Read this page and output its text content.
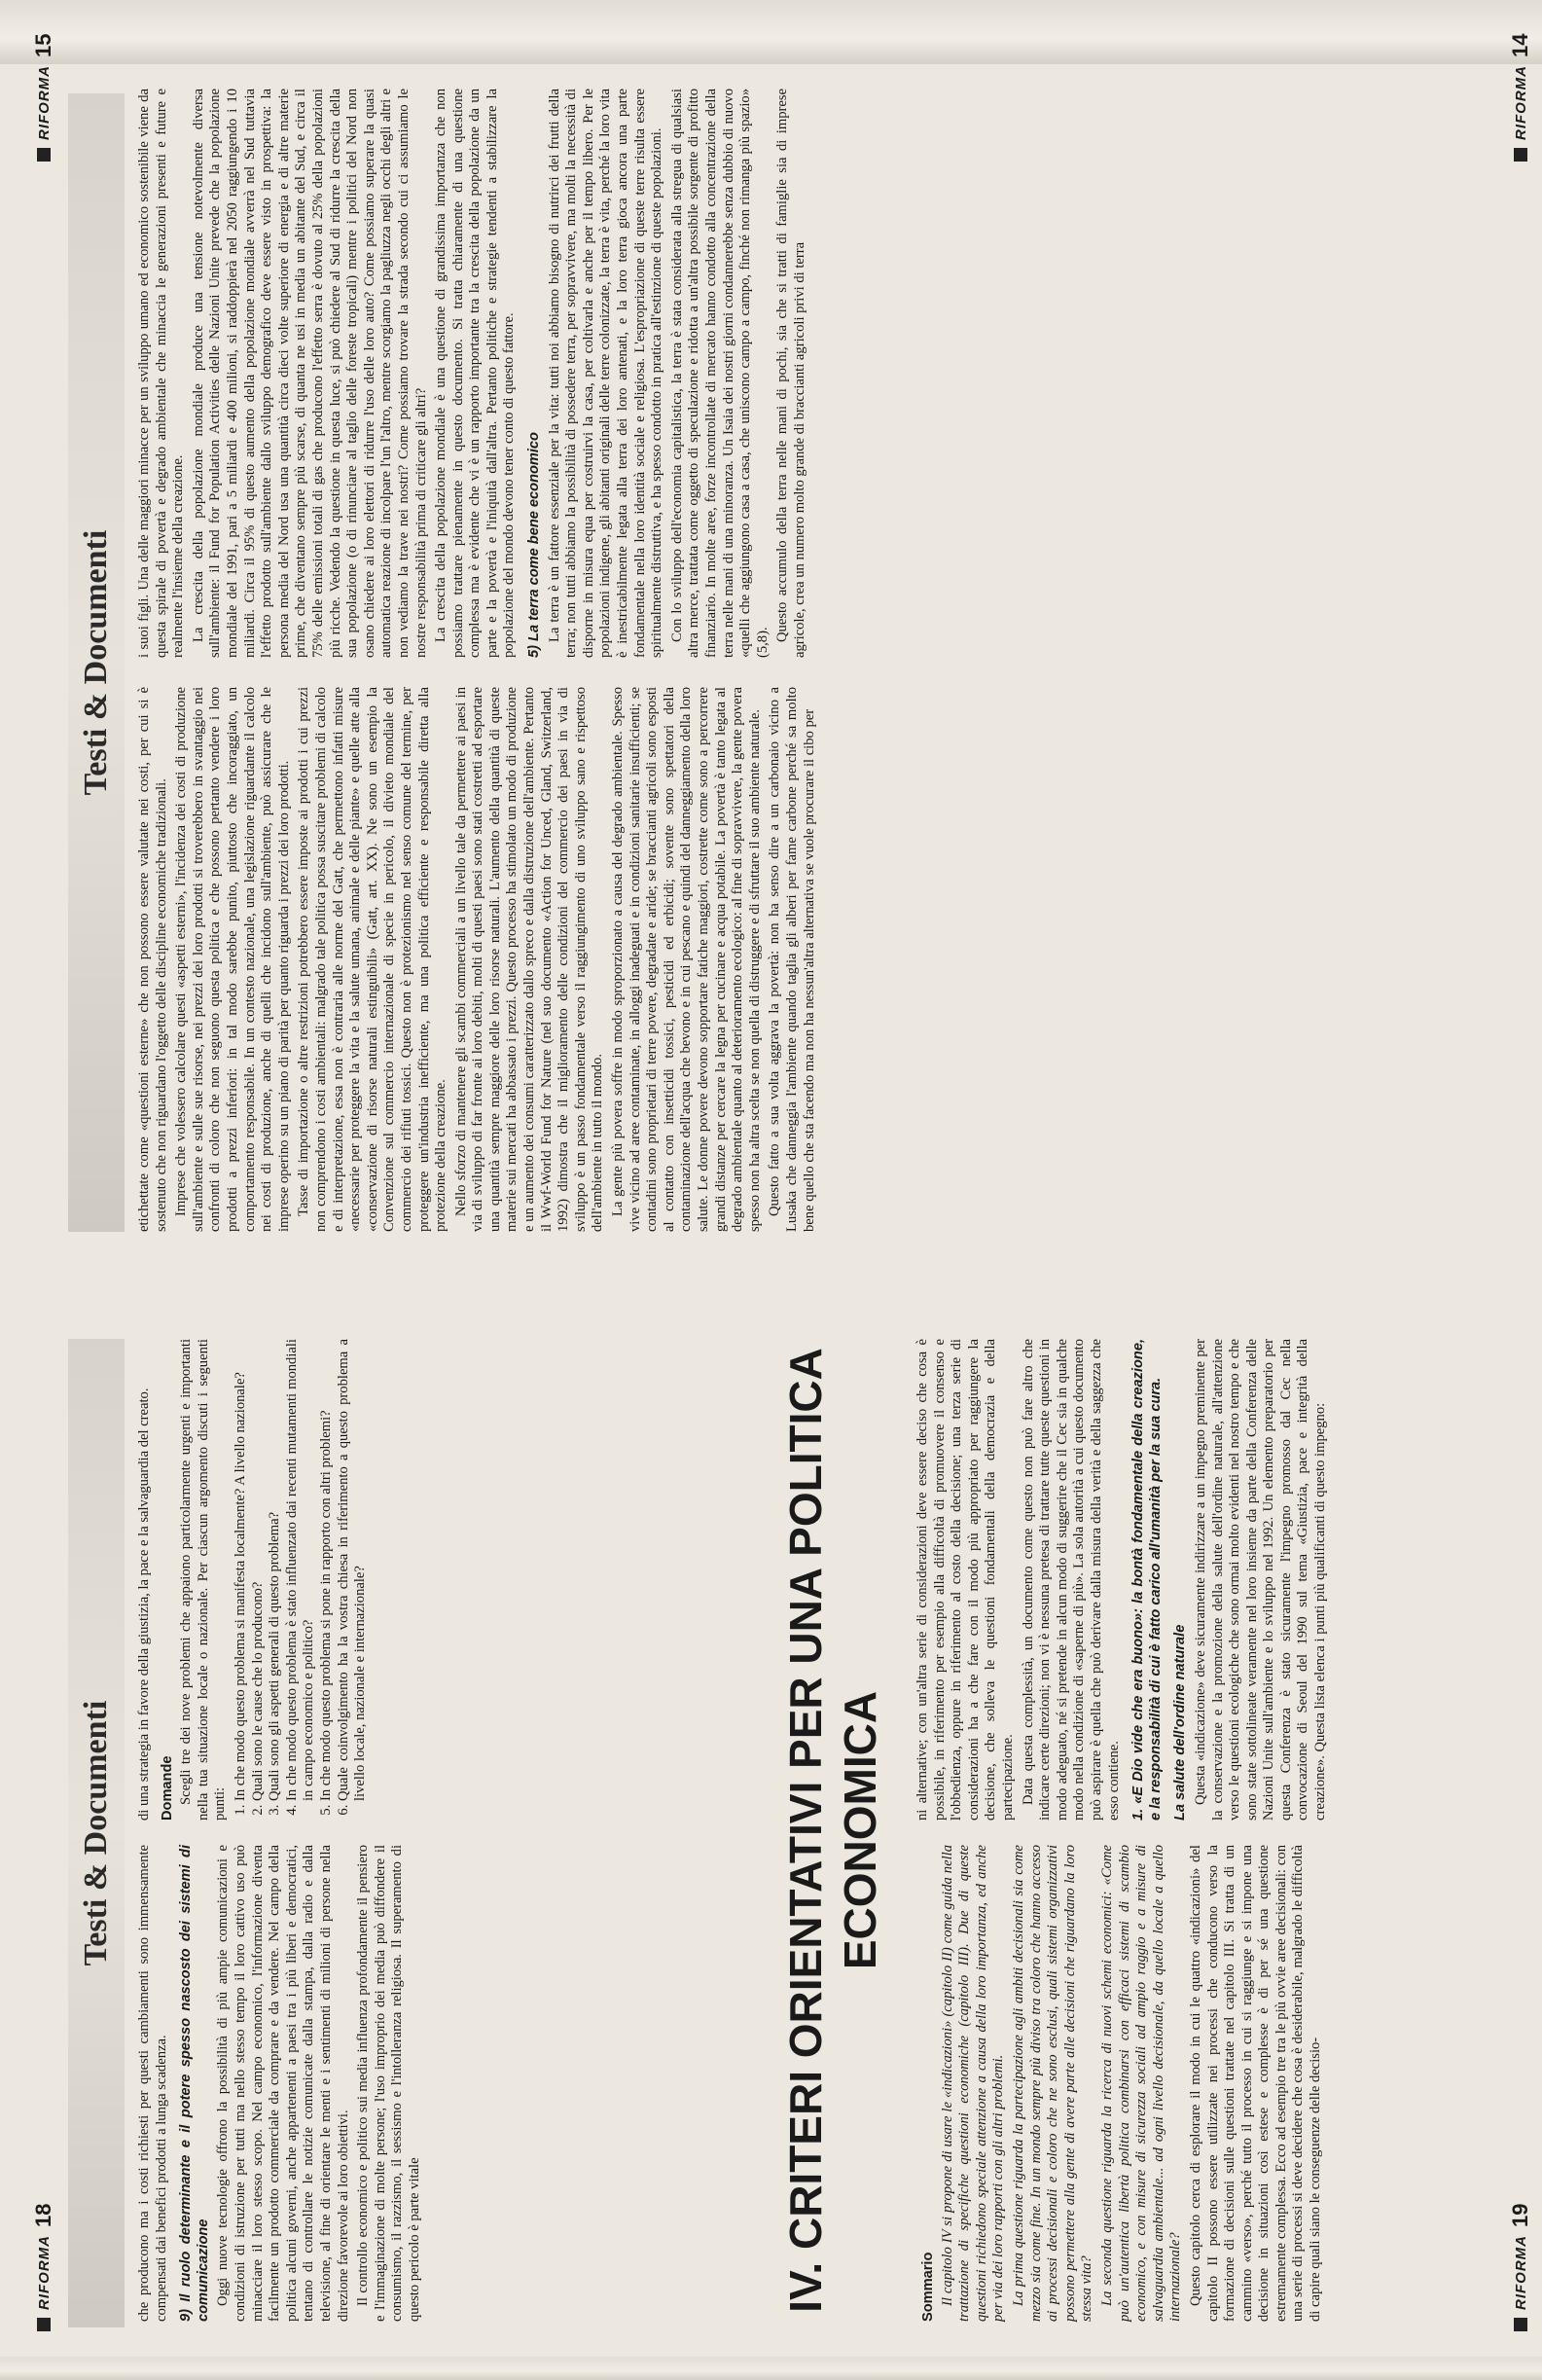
RIFORMA
18
RIFORMA
15
RIFORMA
19
RIFORMA
14
Testi & Documenti
Testi & Documenti

che producono ma i costi richiesti per questi cambiamenti sono immensamente compensati dai benefici prodotti a lunga scadenza. 9) Il ruolo determinante e il potere spesso nascosto dei sistemi di comunicazione Oggi nuove tecnologie offrono la possibilità di più ampie comunicazioni e condizioni di istruzione per tutti ma nello stesso tempo il loro cattivo uso può minacciare il loro stesso scopo. Nel campo economico, l'informazione diventa facilmente un prodotto commerciale da comprare e da vendere. Nel campo della politica alcuni governi, anche appartenenti a paesi tra i più liberi e democratici, tentano di controllare le notizie comunicate dalla stampa, dalla radio e dalla televisione, al fine di orientare le menti e i sentimenti di milioni di persone nella direzione favorevole ai loro obiettivi. Il controllo economico e politico sui media influenza profondamente il pensiero e l'immaginazione di molte persone; l'uso improprio dei media può diffondere il consumismo, il razzismo, il sessismo e l'intolleranza religiosa. Il superamento di questo pericolo è parte vitale

di una strategia in favore della giustizia, la pace e la salvaguardia del creato. Domande Scegli tre dei nove problemi che appaiono particolarmente urgenti e importanti nella tua situazione locale o nazionale. Per ciascun argomento discuti i seguenti punti:

1. In che modo questo problema si manifesta localmente? A livello nazionale? 2. Quali sono le cause che lo producono? 3. Quali sono gli aspetti generali di questo problema? 4. In che modo questo problema è stato influenzato dai recenti mutamenti mondiali in campo economico e politico? 5. In che modo questo problema si pone in rapporto con altri problemi? 6. Quale coinvolgimento ha la vostra chiesa in riferimento a questo problema a livello locale, nazionale e internazionale?	IV. CRITERI ORIENTATIVI PER UNA POLITICA ECONOMICA
Sommario Il capitolo IV si propone di usare le «indicazioni» (capitolo II) come guida nella trattazione di specifiche questioni economiche (capitolo III). Due di queste questioni richiedono speciale attenzione a causa della loro importanza, ed anche per via dei loro rapporti con gli altri problemi. La prima questione riguarda la partecipazione agli ambiti decisionali sia come mezzo sia come fine. In un mondo sempre più diviso tra coloro che hanno accesso ai processi decisionali e coloro che ne sono esclusi, quali sistemi organizzativi possono permettere alla gente di avere parte alle decisioni che riguardano la loro stessa vita? La seconda questione riguarda la ricerca di nuovi schemi economici: «Come può un'autentica libertà politica combinarsi con efficaci sistemi di scambio economico, e con misure di sicurezza sociali ad ampio raggio e a misure di salvaguardia ambientale... ad ogni livello decisionale, da quello locale a quello internazionale? Questo capitolo cerca di esplorare il modo in cui le quattro «indicazioni» del capitolo II possono essere utilizzate nei processi che conducono verso la formazione di decisioni sulle questioni trattate nel capitolo III. Si tratta di un cammino «verso», perché tutto il processo in cui si raggiunge e si impone una decisione in situazioni così estese e complesse è di per sé una questione estremamente complessa. Ecco ad esempio tre tra le più ovvie aree decisionali: con una serie di processi si deve decidere che cosa è desiderabile, malgrado le difficoltà di capire quali siano le conseguenze delle decisio-

ni alternative; con un'altra serie di considerazioni deve essere deciso che cosa è possibile, in riferimento per esempio alla difficoltà di promuovere il consenso e l'obbedienza, oppure in riferimento al costo della decisione; una terza serie di considerazioni ha a che fare con il modo più appropriato per raggiungere la decisione, che solleva le questioni fondamentali della democrazia e della partecipazione. Data questa complessità, un documento come questo non può fare altro che indicare certe direzioni; non vi è nessuna pretesa di trattare tutte queste questioni in modo adeguato, né si pretende in alcun modo di suggerire che il Cec sia in qualche modo nella condizione di «saperne di più». La sola autorità a cui questo documento può aspirare è quella che può derivare dalla misura della verità e della saggezza che esso contiene. 1. «E Dio vide che era buono»: la bontà fondamentale della creazione, e la responsabilità di cui è fatto carico all'umanità per la sua cura. La salute dell'ordine naturale Questa «indicazione» deve sicuramente indirizzare a un impegno preminente per la conservazione e la promozione della salute dell'ordine naturale, all'attenzione verso le questioni ecologiche che sono ormai molto evidenti nel nostro tempo e che sono state sottolineate veramente nel loro insieme da parte della Conferenza delle Nazioni Unite sull'ambiente e lo sviluppo nel 1992. Un elemento preparatorio per questa Conferenza è stato sicuramente l'impegno promosso dal Cec nella convocazione di Seoul del 1990 sul tema «Giustizia, pace e integrità della creazione». Questa lista elenca i punti più qualificanti di questo impegno:

etichettate come «questioni esterne» che non possono essere valutate nei costi, per cui si è sostenuto che non riguardano l'oggetto delle discipline economiche tradizionali. Imprese che volessero calcolare questi «aspetti esterni», l'incidenza dei costi di produzione sull'ambiente e sulle sue risorse, nei prezzi dei loro prodotti si troverebbero in svantaggio nei confronti di coloro che non seguono questa politica e che possono pertanto vendere i loro prodotti a prezzi inferiori: in tal modo sarebbe punito, piuttosto che incoraggiato, un comportamento responsabile. In un contesto nazionale, una legislazione riguardante il calcolo nei costi di produzione, anche di quelli che incidono sull'ambiente, può assicurare che le imprese operino su un piano di parità per quanto riguarda i prezzi dei loro prodotti. Tasse di importazione o altre restrizioni potrebbero essere imposte ai prodotti i cui prezzi non comprendono i costi ambientali: malgrado tale politica possa suscitare problemi di calcolo e di interpretazione, essa non è contraria alle norme del Gatt, che permettono infatti misure «necessarie per proteggere la vita e la salute umana, animale e delle piante» e quelle atte alla «conservazione di risorse naturali estinguibili» (Gatt, art. XX). Ne sono un esempio la Convenzione sul commercio internazionale di specie in pericolo, il divieto mondiale del commercio dei rifiuti tossici. Questo non è protezionismo nel senso comune del termine, per proteggere un'industria inefficiente, ma una politica efficiente e responsabile diretta alla protezione della creazione. Nello sforzo di mantenere gli scambi commerciali a un livello tale da permettere ai paesi in via di sviluppo di far fronte ai loro debiti, molti di questi paesi sono stati costretti ad esportare una quantità sempre maggiore delle loro risorse naturali. L'aumento della quantità di queste materie sui mercati ha abbassato i prezzi. Questo processo ha stimolato un modo di produzione e un aumento dei consumi caratterizzato dallo spreco e dalla distruzione dell'ambiente. Pertanto il Wwf-World Fund for Nature (nel suo documento «Action for Unced, Gland, Switzerland, 1992) dimostra che il miglioramento delle condizioni del commercio dei paesi in via di sviluppo è un passo fondamentale verso il raggiungimento di uno sviluppo sano e rispettoso dell'ambiente in tutto il mondo. La gente più povera soffre in modo sproporzionato a causa del degrado ambientale. Spesso vive vicino ad aree contaminate, in alloggi inadeguati e in condizioni sanitarie insufficienti; se contadini sono proprietari di terre povere, degradate e aride; se braccianti agricoli sono esposti al contatto con insetticidi tossici, pesticidi ed erbicidi; sovente sono spettatori della contaminazione dell'acqua che bevono e in cui pescano e quindi del danneggiamento della loro salute. Le donne povere devono sopportare fatiche maggiori, costrette come sono a percorrere grandi distanze per cercare la legna per cucinare e acqua potabile. La povertà è tanto legata al degrado ambientale quanto al deterioramento ecologico: al fine di sopravvivere, la gente povera spesso non ha altra scelta se non quella di distruggere e di sfruttare il suo ambiente naturale. Questo fatto a sua volta aggrava la povertà: non ha senso dire a un carbonaio vicino a Lusaka che danneggia l'ambiente quando taglia gli alberi per fame carbone perché sa molto bene quello che sta facendo ma non ha nessun'altra alternativa se vuole procurare il cibo per

i suoi figli. Una delle maggiori minacce per un sviluppo umano ed economico sostenibile viene da questa spirale di povertà e degrado ambientale che minaccia le generazioni presenti e future e realmente l'insieme della creazione. La crescita della popolazione mondiale produce una tensione notevolmente diversa sull'ambiente: il Fund for Population Activities delle Nazioni Unite prevede che la popolazione mondiale del 1991, pari a 5 miliardi e 400 milioni, si raddoppierà nel 2050 raggiungendo i 10 miliardi. Circa il 95% di questo aumento della popolazione mondiale avverrà nel Sud tuttavia l'effetto prodotto sull'ambiente dallo sviluppo demografico deve essere visto in prospettiva: la persona media del Nord usa una quantità circa dieci volte superiore di energia e di altre materie prime, che diventano sempre più scarse, di quanta ne usi in media un abitante del Sud, e circa il 75% delle emissioni totali di gas che producono l'effetto serra è dovuto al 25% della popolazioni più ricche. Vedendo la questione in questa luce, si può chiedere al Sud di ridurre la crescita della sua popolazione (o di rinunciare al taglio delle foreste tropicali) mentre i politici del Nord non osano chiedere ai loro elettori di ridurre l'uso delle loro auto? Come possiamo superare la quasi automatica reazione di incolpare l'un l'altro, mentre scorgiamo la pagliuzza negli occhi degli altri e non vediamo la trave nei nostri? Come possiamo trovare la strada secondo cui ci assumiamo le nostre responsabilità prima di criticare gli altri? La crescita della popolazione mondiale è una questione di grandissima importanza che non possiamo trattare pienamente in questo documento. Si tratta chiaramente di una questione complessa ma è evidente che vi è un rapporto importante tra la crescita della popolazione da un parte e la povertà e l'iniquità dall'altra. Pertanto politiche e strategie tendenti a stabilizzare la popolazione del mondo devono tener conto di questo fattore. 5) La terra come bene economico La terra è un fattore essenziale per la vita: tutti noi abbiamo bisogno di nutrirci dei frutti della terra; non tutti abbiamo la possibilità di possedere terra, per sopravvivere, ma molti la necessità di disporne in misura equa per costruirvi la casa, per coltivarla e anche per il tempo libero. Per le popolazioni indigene, gli abitanti originali delle terre colonizzate, la terra è vita, perché la loro vita è inestricabilmente legata alla terra dei loro antenati, e la loro terra gioca ancora una parte fondamentale nella loro identità sociale e religiosa. L'espropriazione di queste terre risulta essere spiritualmente distruttiva, e ha spesso condotto in pratica all'estinzione di queste popolazioni. Con lo sviluppo dell'economia capitalistica, la terra è stata considerata alla stregua di qualsiasi altra merce, trattata come oggetto di speculazione e ridotta a un'altra possibile sorgente di profitto finanziario. In molte aree, forze incontrollate di mercato hanno condotto alla concentrazione della terra nelle mani di una minoranza. Un Isaia dei nostri giorni condannerebbe senza dubbio di nuovo «quelli che aggiungono casa a casa, che uniscono campo a campo, finché non rimanga più spazio» (5,8).

Questo accumulo della terra nelle mani di pochi, sia che si tratti di famiglie sia di imprese agricole, crea un numero molto grande di braccianti agricoli privi di terra
